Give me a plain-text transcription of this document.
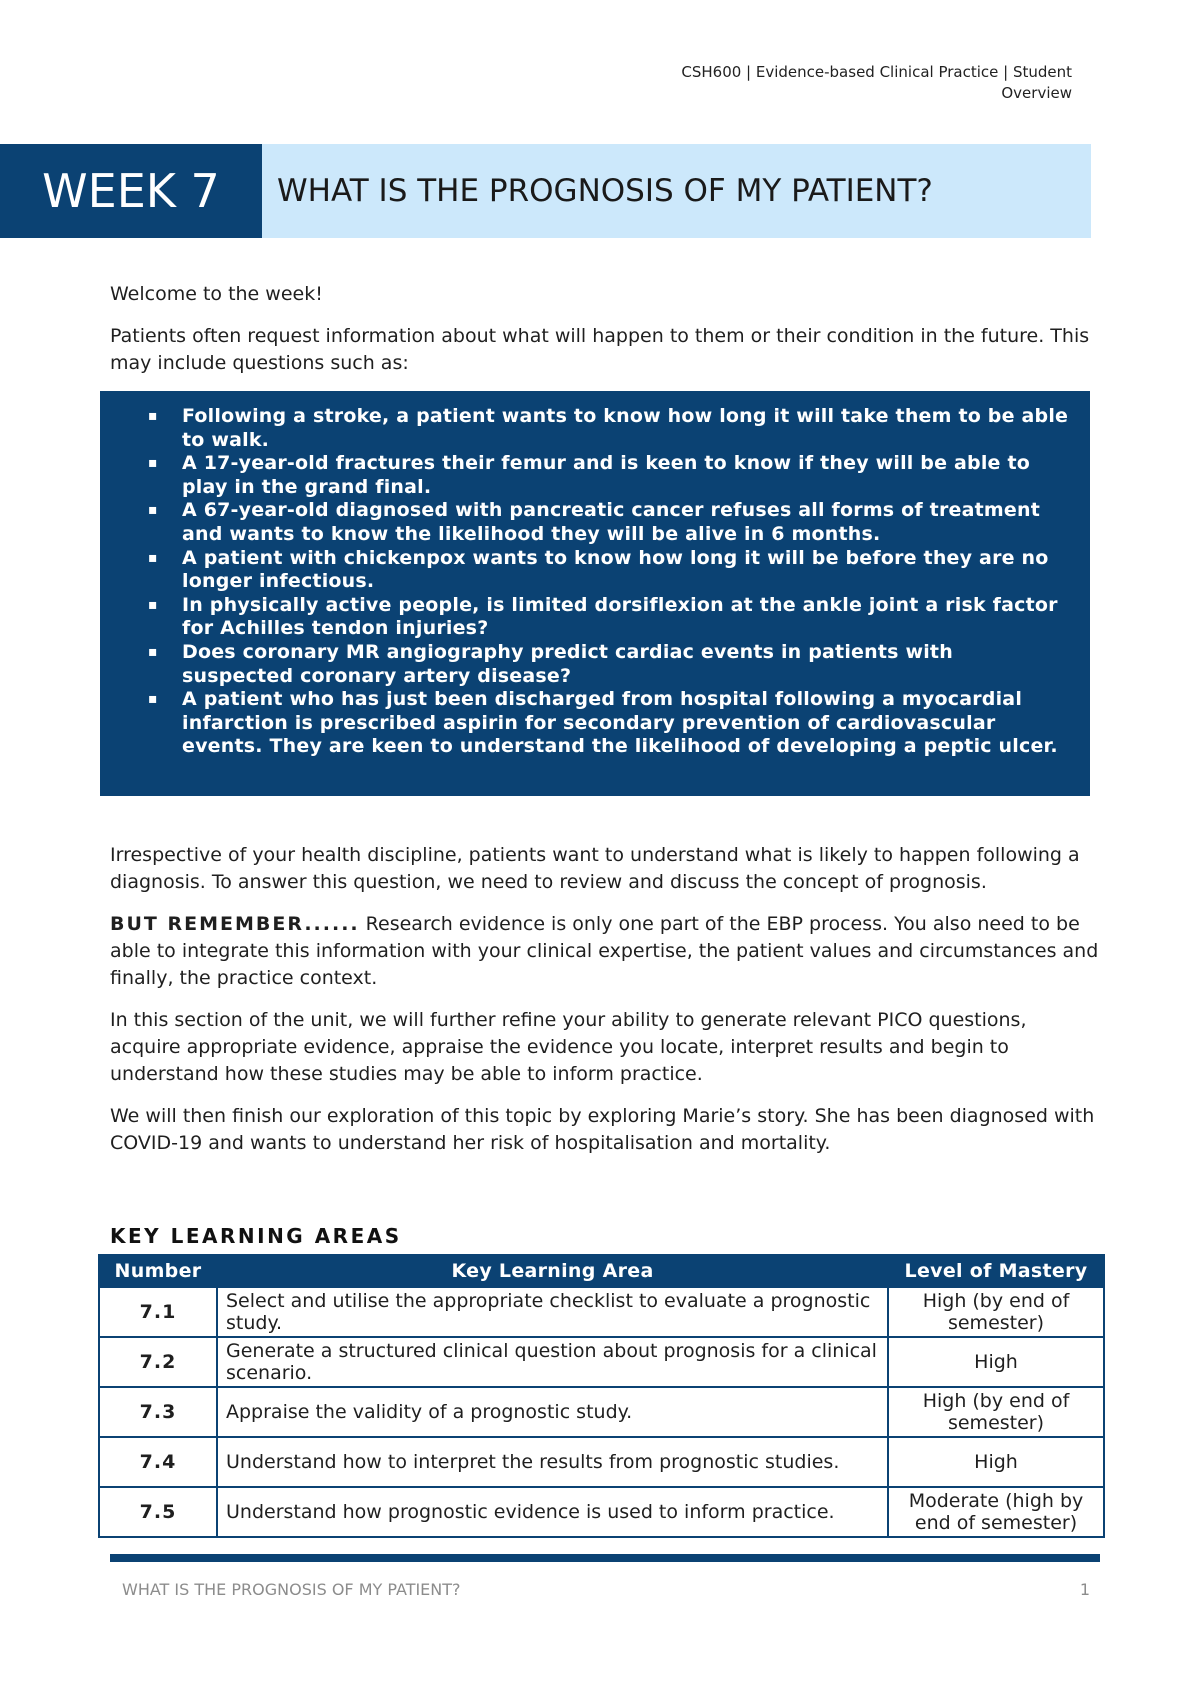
CSH600 | Evidence-based Clinical Practice | Student
Overview
WEEK 7	WHAT IS THE PROGNOSIS OF MY PATIENT?

Welcome to the week!

Patients often request information about what will happen to them or their condition in the future. This may include questions such as:

▪ Following a stroke, a patient wants to know how long it will take them to be able to walk.
▪ A 17-year-old fractures their femur and is keen to know if they will be able to play in the grand final.
▪ A 67-year-old diagnosed with pancreatic cancer refuses all forms of treatment and wants to know the likelihood they will be alive in 6 months.
▪ A patient with chickenpox wants to know how long it will be before they are no longer infectious.
▪ In physically active people, is limited dorsiflexion at the ankle joint a risk factor for Achilles tendon injuries?
▪ Does coronary MR angiography predict cardiac events in patients with suspected coronary artery disease?
▪ A patient who has just been discharged from hospital following a myocardial infarction is prescribed aspirin for secondary prevention of cardiovascular events. They are keen to understand the likelihood of developing a peptic ulcer.

Irrespective of your health discipline, patients want to understand what is likely to happen following a diagnosis. To answer this question, we need to review and discuss the concept of prognosis.

BUT REMEMBER...... Research evidence is only one part of the EBP process. You also need to be able to integrate this information with your clinical expertise, the patient values and circumstances and finally, the practice context.

In this section of the unit, we will further refine your ability to generate relevant PICO questions, acquire appropriate evidence, appraise the evidence you locate, interpret results and begin to understand how these studies may be able to inform practice.

We will then finish our exploration of this topic by exploring Marie’s story. She has been diagnosed with COVID-19 and wants to understand her risk of hospitalisation and mortality.

KEY LEARNING AREAS
Number	Key Learning Area	Level of Mastery
7.1	Select and utilise the appropriate checklist to evaluate a prognostic study.	High (by end of semester)
7.2	Generate a structured clinical question about prognosis for a clinical scenario.	High
7.3	Appraise the validity of a prognostic study.	High (by end of semester)
7.4	Understand how to interpret the results from prognostic studies.	High
7.5	Understand how prognostic evidence is used to inform practice.	Moderate (high by end of semester)
WHAT IS THE PROGNOSIS OF MY PATIENT?	1
